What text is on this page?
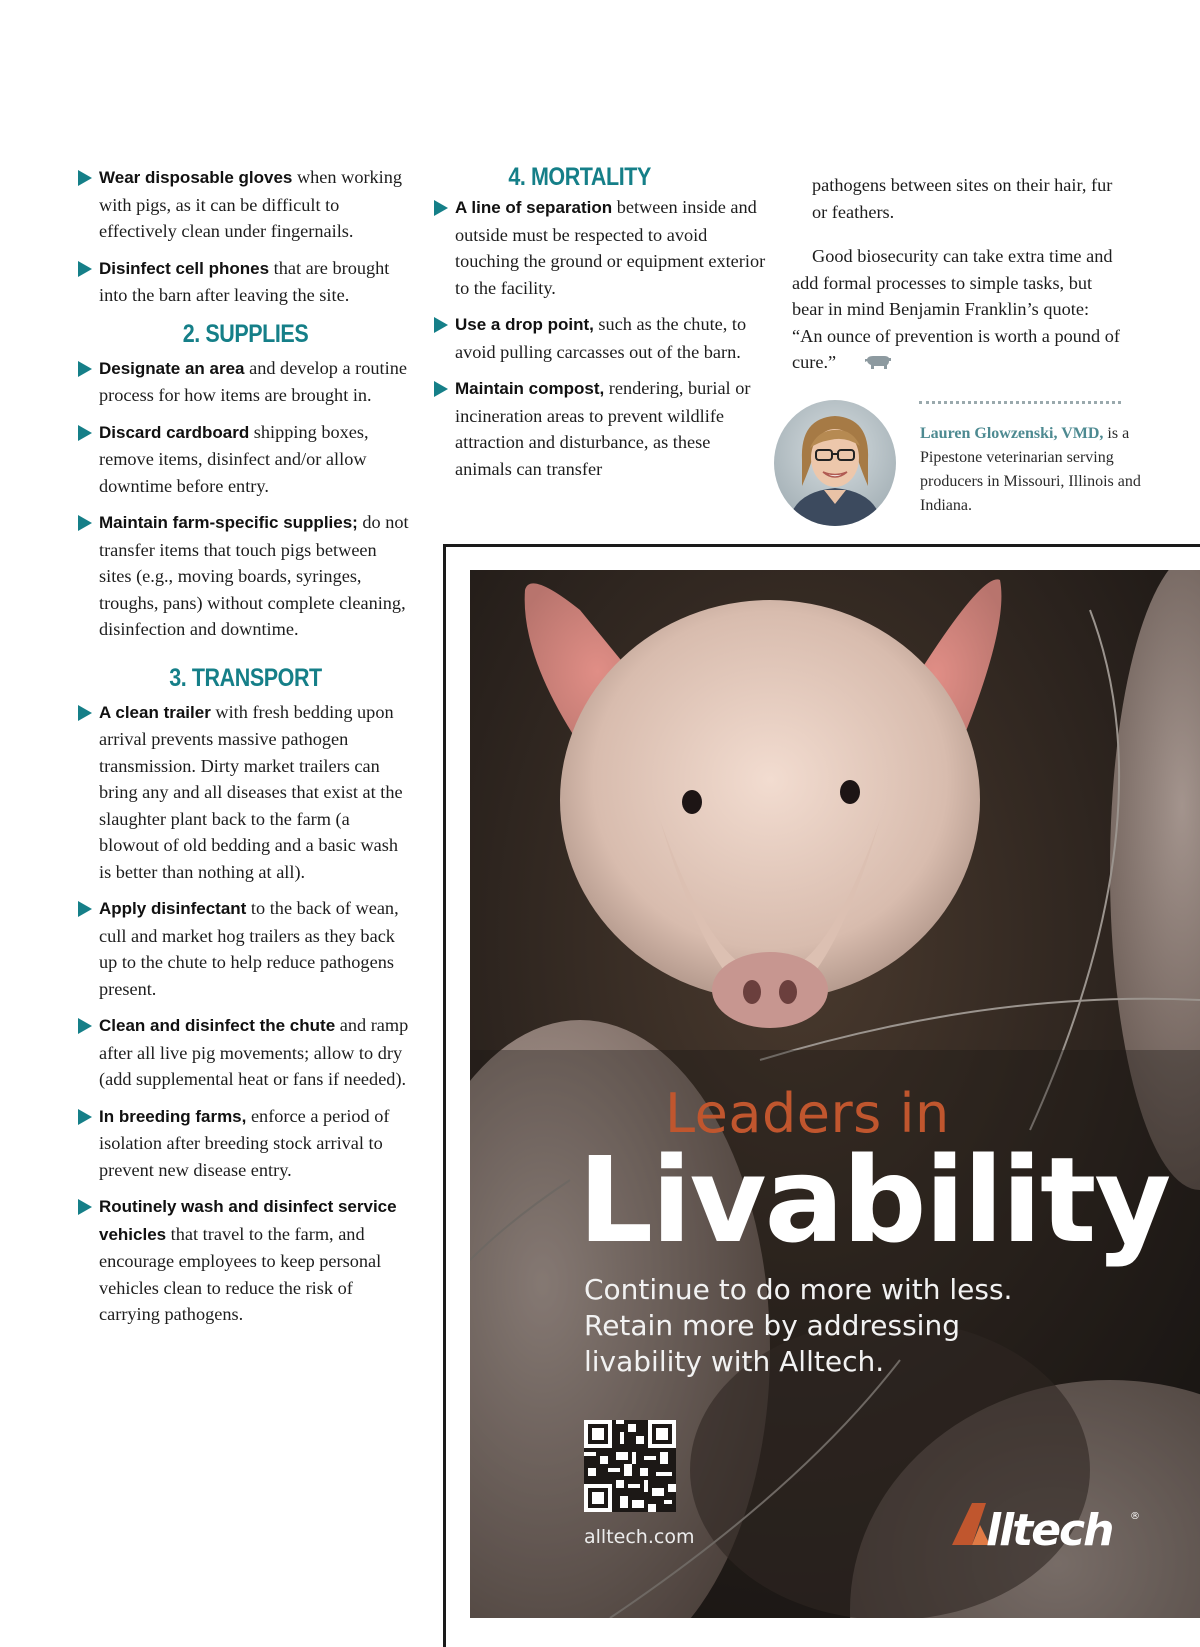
Wear disposable gloves when working with pigs, as it can be difficult to effectively clean under fingernails.
Disinfect cell phones that are brought into the barn after leaving the site.
2. SUPPLIES
Designate an area and develop a routine process for how items are brought in.
Discard cardboard shipping boxes, remove items, disinfect and/or allow downtime before entry.
Maintain farm-specific supplies; do not transfer items that touch pigs between sites (e.g., moving boards, syringes, troughs, pans) without complete cleaning, disinfection and downtime.
3. TRANSPORT
A clean trailer with fresh bedding upon arrival prevents massive pathogen transmission. Dirty market trailers can bring any and all diseases that exist at the slaughter plant back to the farm (a blowout of old bedding and a basic wash is better than nothing at all).
Apply disinfectant to the back of wean, cull and market hog trailers as they back up to the chute to help reduce pathogens present.
Clean and disinfect the chute and ramp after all live pig movements; allow to dry (add supplemental heat or fans if needed).
In breeding farms, enforce a period of isolation after breeding stock arrival to prevent new disease entry.
Routinely wash and disinfect service vehicles that travel to the farm, and encourage employees to keep personal vehicles clean to reduce the risk of carrying pathogens.
4. MORTALITY
A line of separation between inside and outside must be respected to avoid touching the ground or equipment exterior to the facility.
Use a drop point, such as the chute, to avoid pulling carcasses out of the barn.
Maintain compost, rendering, burial or incineration areas to prevent wildlife attraction and disturbance, as these animals can transfer
pathogens between sites on their hair, fur or feathers.
Good biosecurity can take extra time and add formal processes to simple tasks, but bear in mind Benjamin Franklin’s quote: “An ounce of prevention is worth a pound of cure.”
Lauren Glowzenski, VMD, is a Pipestone veterinarian serving producers in Missouri, Illinois and Indiana.
Leaders in
Livability
Continue to do more with less.
Retain more by addressing
livability with Alltech.
alltech.com	lltech ®
